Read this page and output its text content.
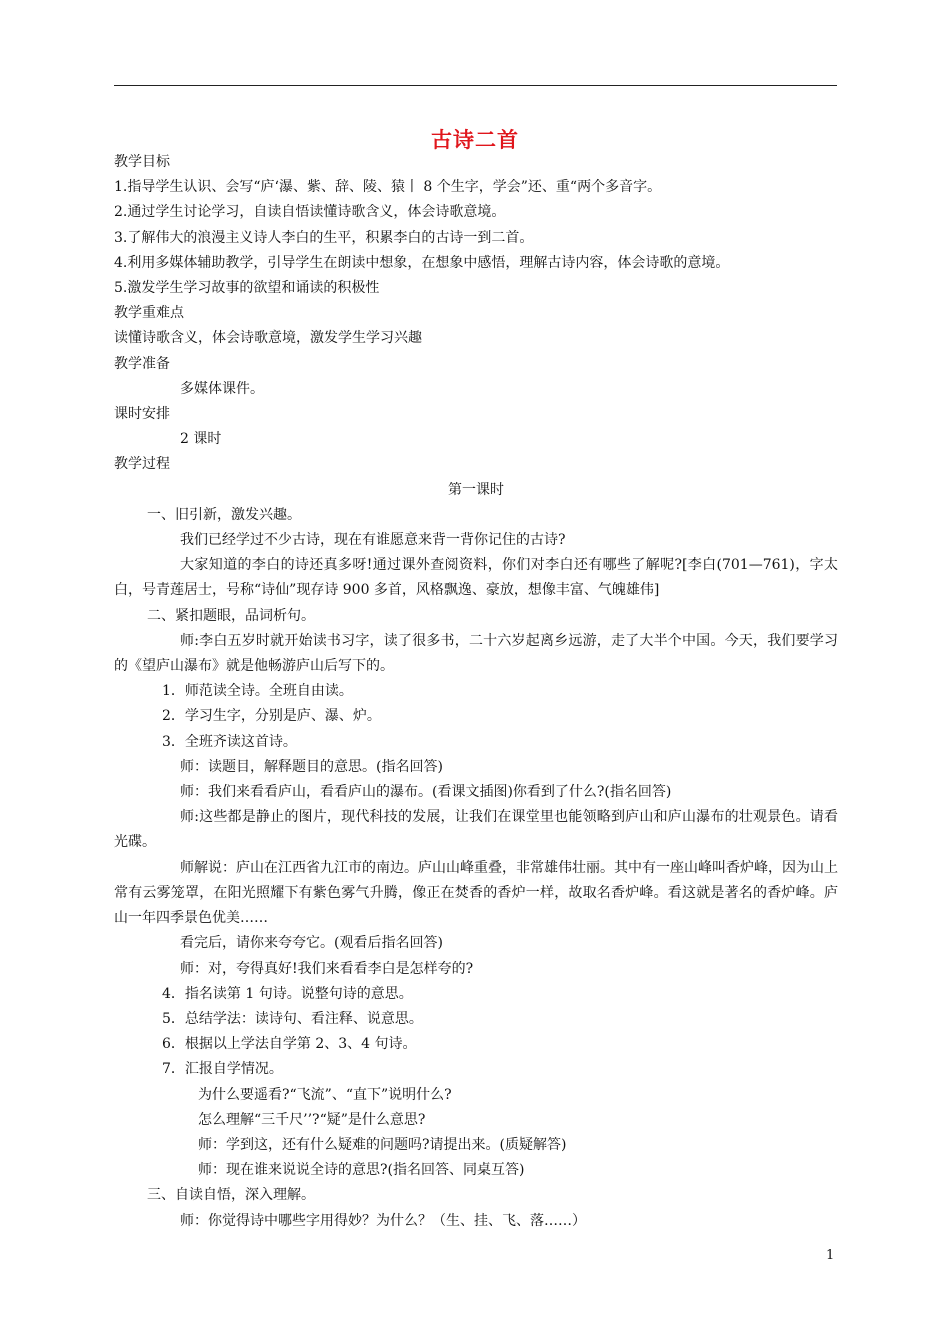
古诗二首

教学目标

1.指导学生认识、会写“庐‘瀑、紫、辞、陵、猿丨 8 个生字，学会”还、重“两个多音字。

2.通过学生讨论学习，自读自悟读懂诗歌含义，体会诗歌意境。

3.了解伟大的浪漫主义诗人李白的生平，积累李白的古诗一到二首。

4.利用多媒体辅助教学，引导学生在朗读中想象，在想象中感悟，理解古诗内容，体会诗歌的意境。

5.激发学生学习故事的欲望和诵读的积极性

教学重难点

读懂诗歌含义，体会诗歌意境，激发学生学习兴趣

教学准备

多媒体课件。

课时安排

2 课时

教学过程

第一课时

一、旧引新，激发兴趣。

我们已经学过不少古诗，现在有谁愿意来背一背你记住的古诗?

大家知道的李白的诗还真多呀!通过课外查阅资料，你们对李白还有哪些了解呢?[李白(701—761)，字太白，号青莲居士，号称“诗仙”现存诗 900 多首，风格飘逸、豪放，想像丰富、气魄雄伟]

二、紧扣题眼，品词析句。

师:李白五岁时就开始读书习字，读了很多书，二十六岁起离乡远游，走了大半个中国。今天，我们要学习的《望庐山瀑布》就是他畅游庐山后写下的。

1．师范读全诗。全班自由读。

2．学习生字，分别是庐、瀑、炉。

3．全班齐读这首诗。

师：读题目，解释题目的意思。(指名回答)

师：我们来看看庐山，看看庐山的瀑布。(看课文插图)你看到了什么?(指名回答)

师:这些都是静止的图片，现代科技的发展，让我们在课堂里也能领略到庐山和庐山瀑布的壮观景色。请看光碟。

师解说：庐山在江西省九江市的南边。庐山山峰重叠，非常雄伟壮丽。其中有一座山峰叫香炉峰，因为山上常有云雾笼罩，在阳光照耀下有紫色雾气升腾，像正在焚香的香炉一样，故取名香炉峰。看这就是著名的香炉峰。庐山一年四季景色优美……

看完后，请你来夸夸它。(观看后指名回答)

师：对，夸得真好!我们来看看李白是怎样夸的?

4．指名读第 1 句诗。说整句诗的意思。

5．总结学法：读诗句、看注释、说意思。

6．根据以上学法自学第 2、3、4 句诗。

7．汇报自学情况。

为什么要遥看?“飞流”、“直下”说明什么?

怎么理解“三千尺’’?“疑”是什么意思?

师：学到这，还有什么疑难的问题吗?请提出来。(质疑解答)

师：现在谁来说说全诗的意思?(指名回答、同桌互答)

三、自读自悟，深入理解。

师：你觉得诗中哪些字用得妙？为什么？（生、挂、飞、落……）

1
